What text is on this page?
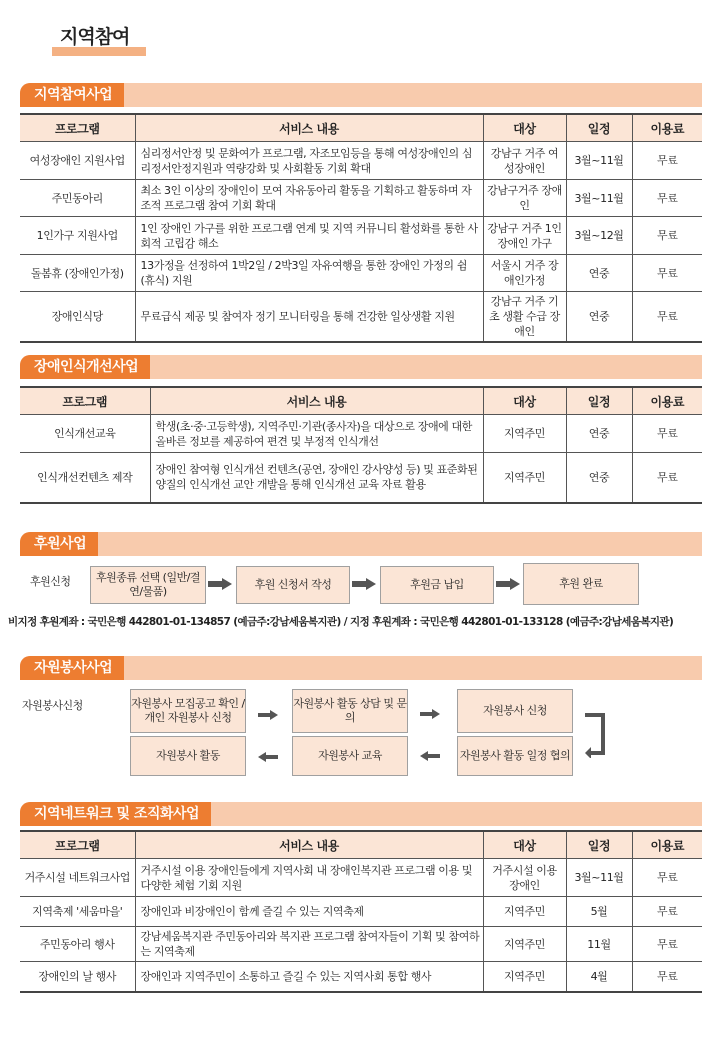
지역참여
지역참여사업
프로그램	서비스 내용	대상	일정	이용료
여성장애인 지원사업	심리정서안정 및 문화여가 프로그램, 자조모임등을 통해 여성장애인의 심리정서안정지원과 역량강화 및 사회활동 기회 확대	강남구 거주 여성장애인	3월~11월	무료
주민동아리	최소 3인 이상의 장애인이 모여 자유동아리 활동을 기획하고 활동하며 자조적 프로그램 참여 기회 확대	강남구거주 장애인	3월~11월	무료
1인가구 지원사업	1인 장애인 가구를 위한 프로그램 연계 및 지역 커뮤니티 활성화를 통한 사회적 고립감 해소	강남구 거주 1인 장애인 가구	3월~12월	무료
돌봄휴 (장애인가정)	13가정을 선정하여 1박2일 / 2박3일 자유여행을 통한 장애인 가정의 쉼(휴식) 지원	서울시 거주 장애인가정	연중	무료
장애인식당	무료급식 제공 및 참여자 정기 모니터링을 통해 건강한 일상생활 지원	강남구 거주 기초 생활 수급 장애인	연중	무료
장애인식개선사업
프로그램	서비스 내용	대상	일정	이용료
인식개선교육	학생(초·중·고등학생), 지역주민·기관(종사자)을 대상으로 장애에 대한 올바른 정보를 제공하여 편견 및 부정적 인식개선	지역주민	연중	무료
인식개선컨텐츠 제작	장애인 참여형 인식개선 컨텐츠(공연, 장애인 강사양성 등) 및 표준화된 양질의 인식개선 교안 개발을 통해 인식개선 교육 자료 활용	지역주민	연중	무료
후원사업
후원신청	후원종류 선택 (일반/결연/물품)
후원 신청서 작성	후원금 납입	후원 완료
비지정 후원계좌 : 국민은행 442801-01-134857 (예금주:강남세움복지관) / 지정 후원계좌 : 국민은행 442801-01-133128 (예금주:강남세움복지관)
자원봉사사업
자원봉사신청	자원봉사 모집공고 확인 / 개인 자원봉사 신청
자원봉사 활동 상담 및 문의
자원봉사 신청
자원봉사 활동 일정 협의
자원봉사 교육
자원봉사 활동
지역네트워크 및 조직화사업
프로그램	서비스 내용	대상	일정	이용료
거주시설 네트워크사업	거주시설 이용 장애인들에게 지역사회 내 장애인복지관 프로그램 이용 및 다양한 체험 기회 지원	거주시설 이용 장애인	3월~11월	무료
지역축제 '세움마을'	장애인과 비장애인이 함께 즐길 수 있는 지역축제	지역주민	5월	무료
주민동아리 행사	강남세움복지관 주민동아리와 복지관 프로그램 참여자들이 기획 및 참여하는 지역축제	지역주민	11월	무료
장애인의 날 행사	장애인과 지역주민이 소통하고 즐길 수 있는 지역사회 통합 행사	지역주민	4월	무료
